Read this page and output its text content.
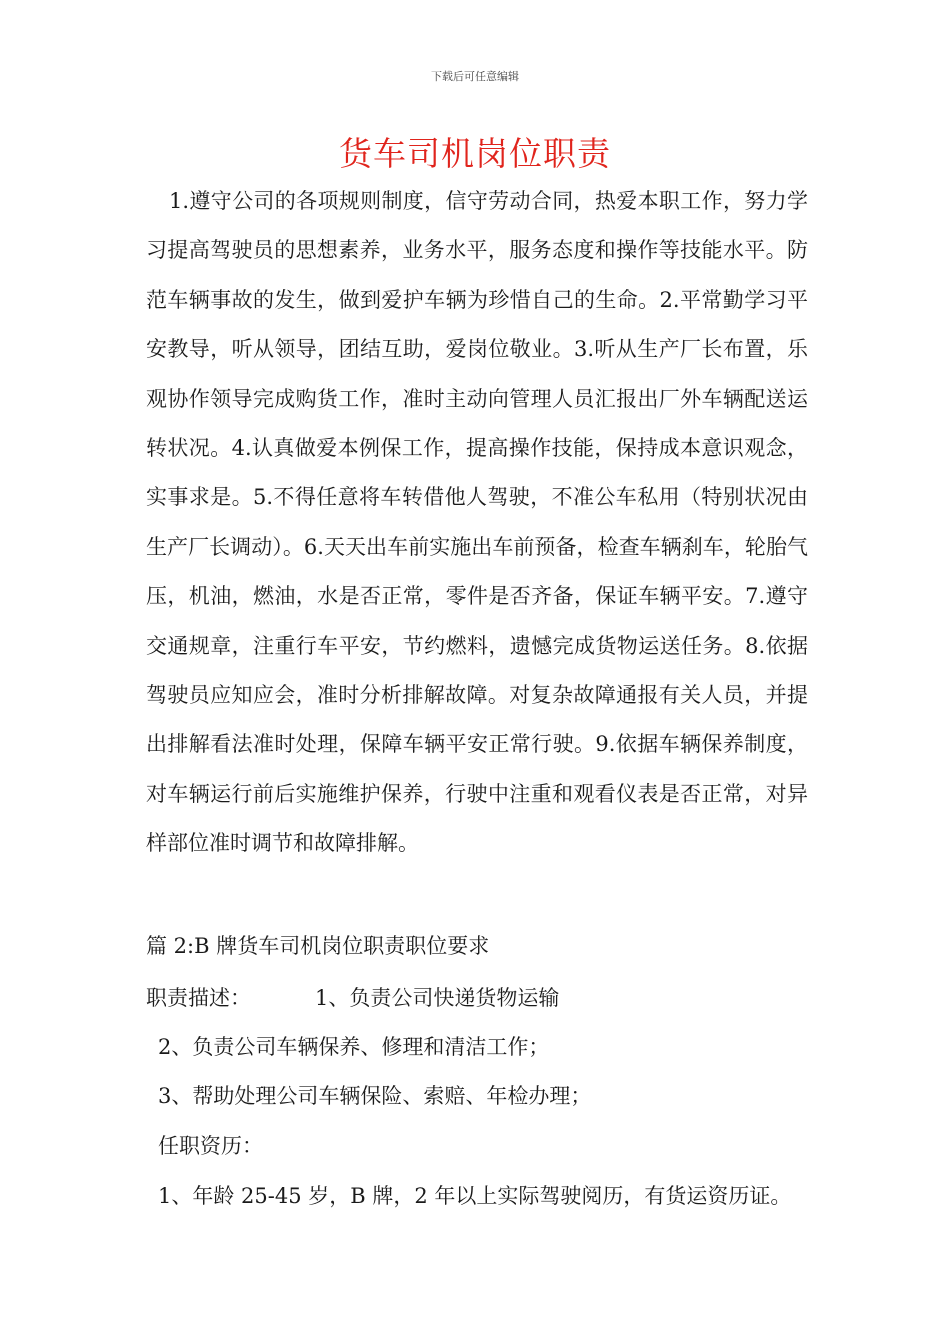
下载后可任意编辑
货车司机岗位职责

1.遵守公司的各项规则制度，信守劳动合同，热爱本职工作，努力学习提高驾驶员的思想素养，业务水平，服务态度和操作等技能水平。防范车辆事故的发生，做到爱护车辆为珍惜自己的生命。2.平常勤学习平安教导，听从领导，团结互助，爱岗位敬业。3.听从生产厂长布置，乐观协作领导完成购货工作，准时主动向管理人员汇报出厂外车辆配送运转状况。4.认真做爱本例保工作，提高操作技能，保持成本意识观念，实事求是。5.不得任意将车转借他人驾驶，不准公车私用（特别状况由生产厂长调动）。6.天天出车前实施出车前预备，检查车辆刹车，轮胎气压，机油，燃油，水是否正常，零件是否齐备，保证车辆平安。7.遵守交通规章，注重行车平安，节约燃料，遗憾完成货物运送任务。8.依据驾驶员应知应会，准时分析排解故障。对复杂故障通报有关人员，并提出排解看法准时处理，保障车辆平安正常行驶。9.依据车辆保养制度，对车辆运行前后实施维护保养，行驶中注重和观看仪表是否正常，对异样部位准时调节和故障排解。

篇 2:B 牌货车司机岗位职责职位要求

职责描述：	1、负责公司快递货物运输

2、负责公司车辆保养、修理和清洁工作；

3、帮助处理公司车辆保险、索赔、年检办理；

任职资历：

1、年龄 25-45 岁，B 牌，2 年以上实际驾驶阅历，有货运资历证。
